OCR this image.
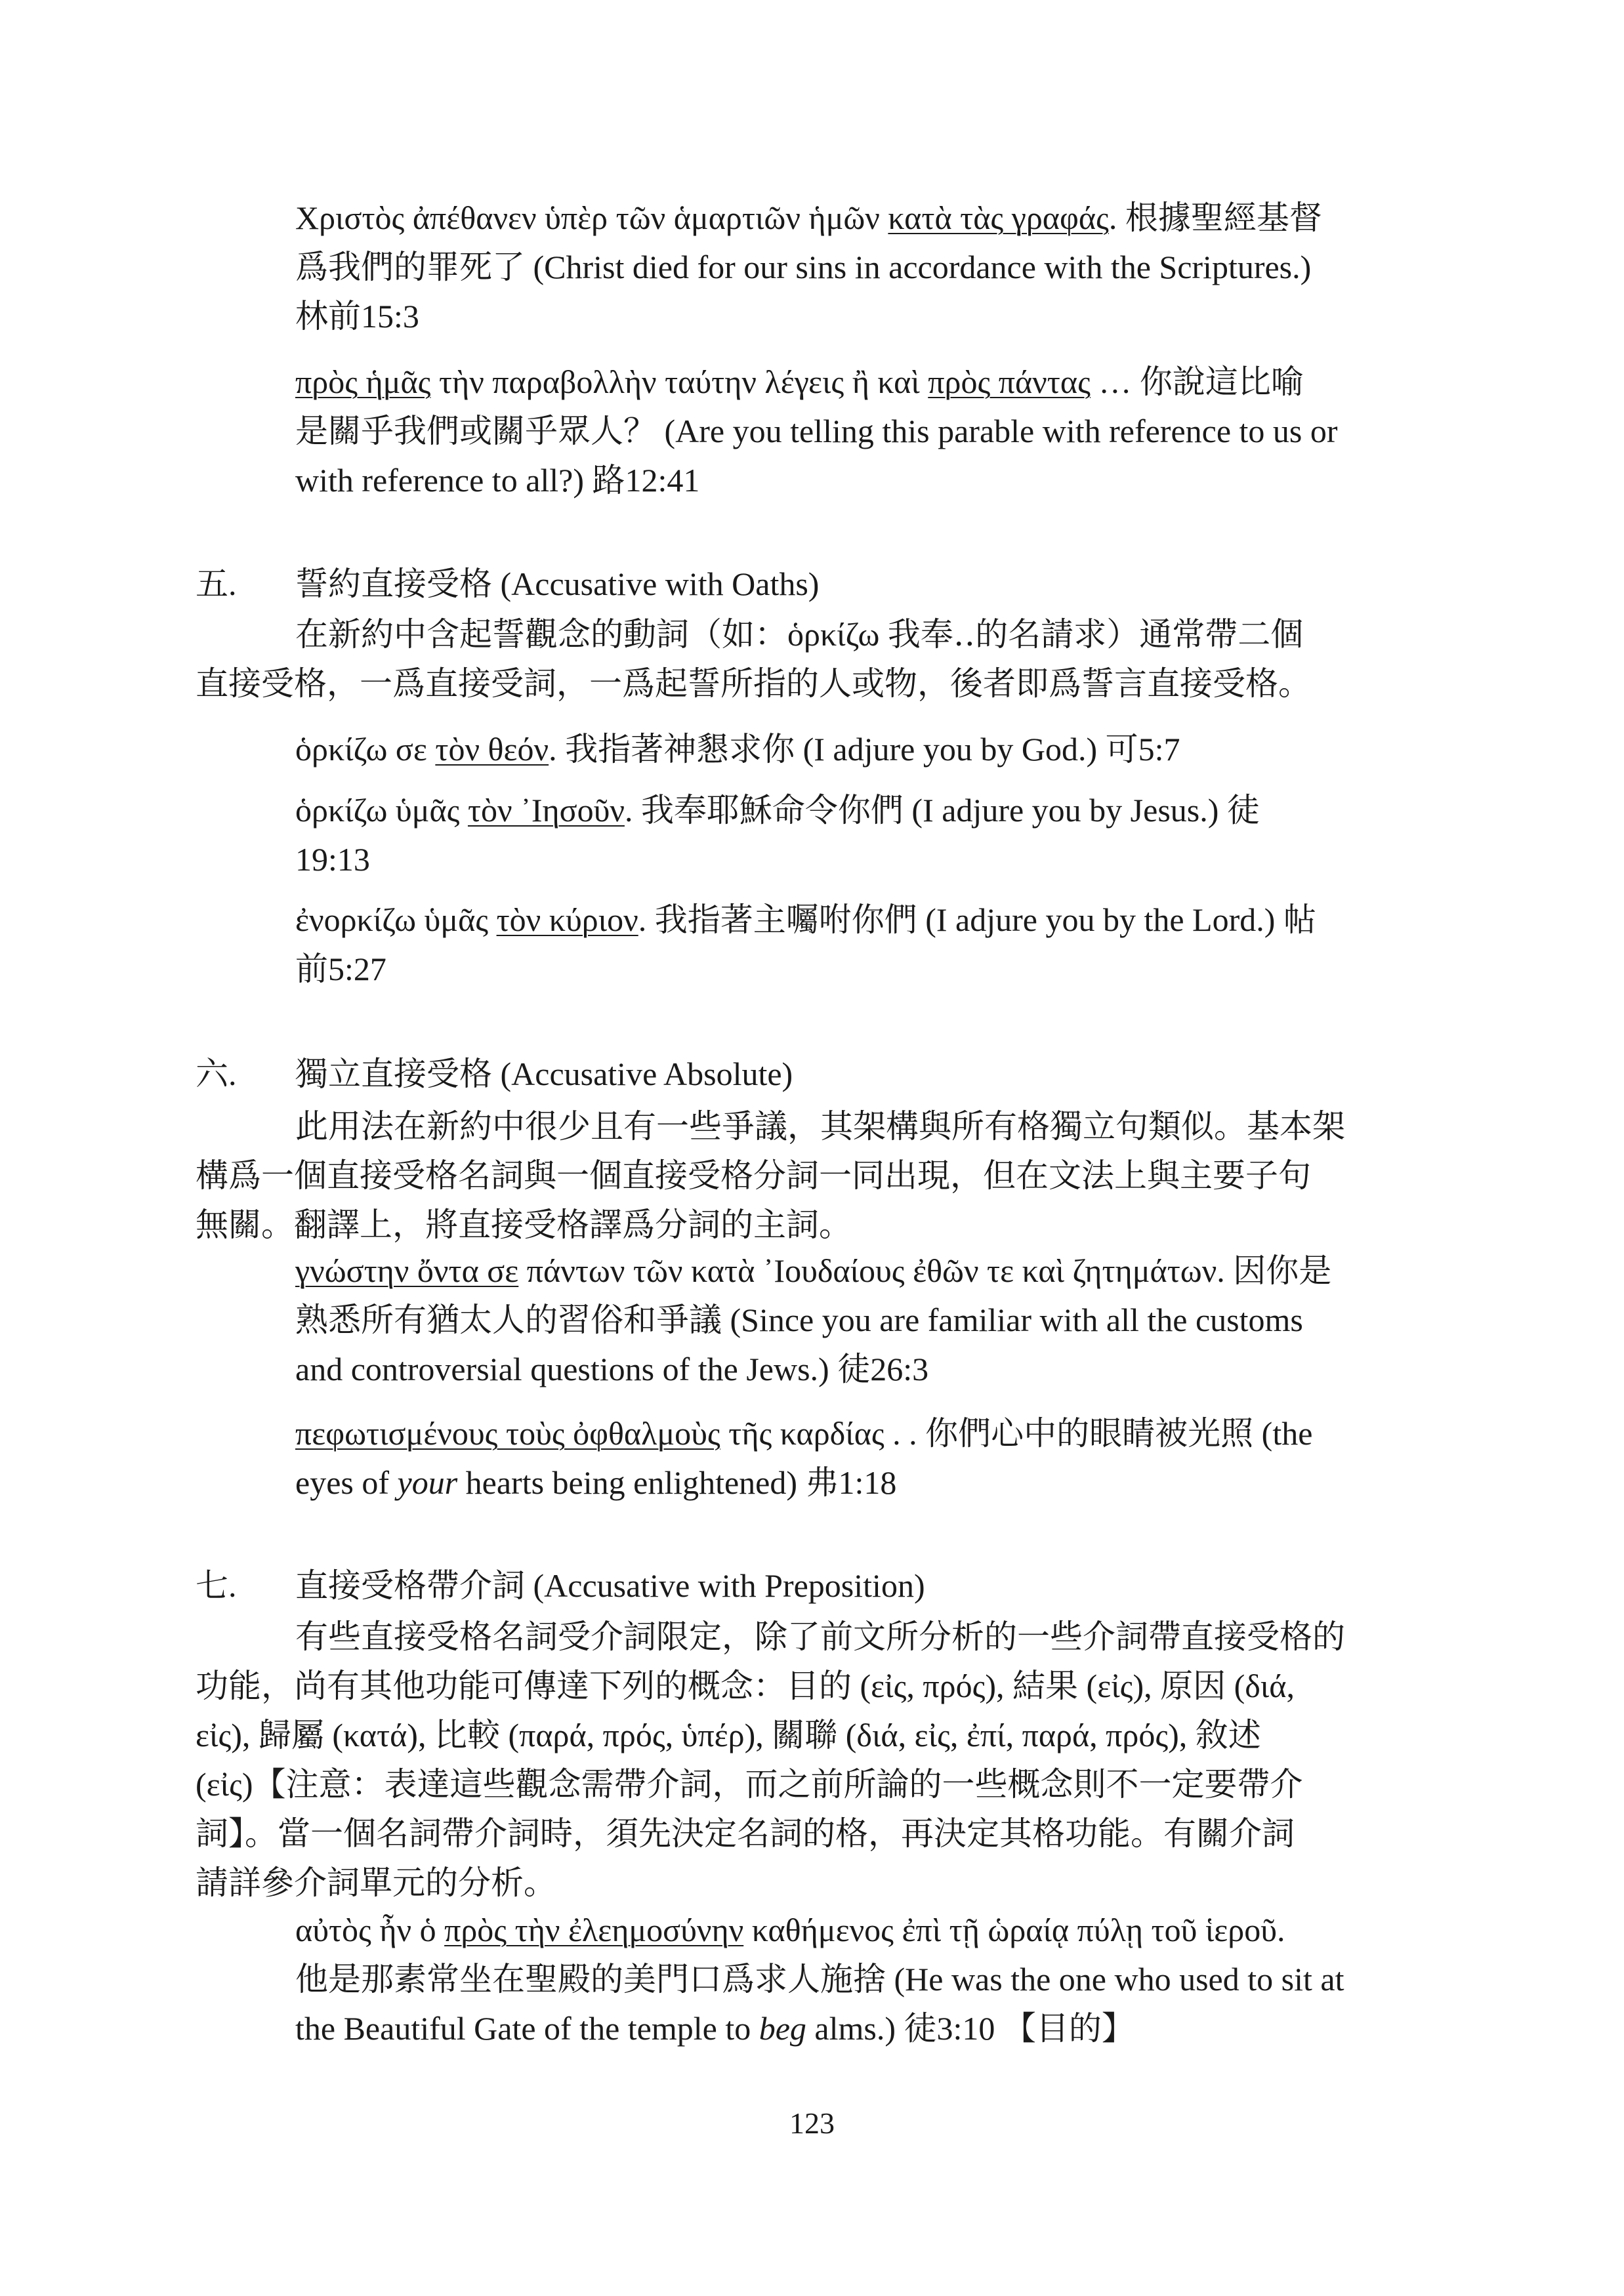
Χριστὸς ἀπέθανεν ὑπὲρ τῶν ἁμαρτιῶν ἡμῶν κατὰ τὰς γραφάς. 根據聖經基督
爲我們的罪死了 (Christ died for our sins in accordance with the Scriptures.)
林前15:3
πρὸς ἡμᾶς τὴν παραβολλὴν ταύτην λέγεις ἢ καὶ πρὸς πάντας … 你說這比喻
是關乎我們或關乎眾人？ (Are you telling this parable with reference to us or
with reference to all?) 路12:41
五. 誓約直接受格 (Accusative with Oaths)
在新約中含起誓觀念的動詞（如：ὁρκίζω 我奉‥的名請求）通常帶二個
直接受格，一爲直接受詞，一爲起誓所指的人或物，後者即爲誓言直接受格。
ὁρκίζω σε τὸν θεόν. 我指著神懇求你 (I adjure you by God.) 可5:7
ὁρκίζω ὑμᾶς τὸν ᾿Ιησοῦν. 我奉耶穌命令你們 (I adjure you by Jesus.) 徒
19:13
ἐνορκίζω ὑμᾶς τὸν κύριον. 我指著主囑咐你們 (I adjure you by the Lord.) 帖
前5:27
六. 獨立直接受格 (Accusative Absolute)
此用法在新約中很少且有一些爭議，其架構與所有格獨立句類似。基本架
構爲一個直接受格名詞與一個直接受格分詞一同出現，但在文法上與主要子句
無關。翻譯上，將直接受格譯爲分詞的主詞。
γνώστην ὄντα σε πάντων τῶν κατὰ ᾿Ιουδαίους ἐθῶν τε καὶ ζητημάτων. 因你是
熟悉所有猶太人的習俗和爭議 (Since you are familiar with all the customs
and controversial questions of the Jews.) 徒26:3
πεφωτισμένους τοὺς ὀφθαλμοὺς τῆς καρδίας . . 你們心中的眼睛被光照 (the
eyes of your hearts being enlightened) 弗1:18
七. 直接受格帶介詞 (Accusative with Preposition)
有些直接受格名詞受介詞限定，除了前文所分析的一些介詞帶直接受格的
功能，尚有其他功能可傳達下列的概念：目的 (εἰς, πρός), 結果 (εἰς), 原因 (διά,
εἰς), 歸屬 (κατά), 比較 (παρά, πρός, ὑπέρ), 關聯 (διά, εἰς, ἐπί, παρά, πρός), 敘述
(εἰς)【注意：表達這些觀念需帶介詞，而之前所論的一些概念則不一定要帶介
詞】。當一個名詞帶介詞時，須先決定名詞的格，再決定其格功能。有關介詞
請詳參介詞單元的分析。
αὐτὸς ἦν ὁ πρὸς τὴν ἐλεημοσύνην καθήμενος ἐπὶ τῇ ὡραίᾳ πύλῃ τοῦ ἱεροῦ.
他是那素常坐在聖殿的美門口爲求人施捨 (He was the one who used to sit at
the Beautiful Gate of the temple to beg alms.) 徒3:10 【目的】
123
